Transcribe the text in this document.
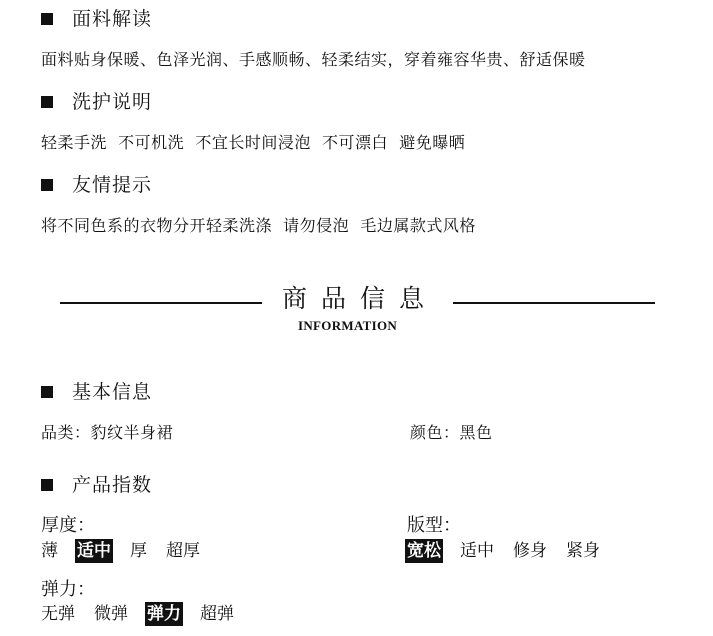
面料解读
面料贴身保暖、色泽光润、手感顺畅、轻柔结实，穿着雍容华贵、舒适保暖
洗护说明
轻柔手洗  不可机洗  不宜长时间浸泡  不可漂白  避免曝晒
友情提示
将不同色系的衣物分开轻柔洗涤  请勿侵泡  毛边属款式风格
商品信息
INFORMATION
基本信息
品类：豹纹半身裙	颜色：黑色
产品指数
厚度：
薄 适中 厚 超厚
版型：
宽松 适中 修身 紧身
弹力：
无弹 微弹 弹力 超弹
